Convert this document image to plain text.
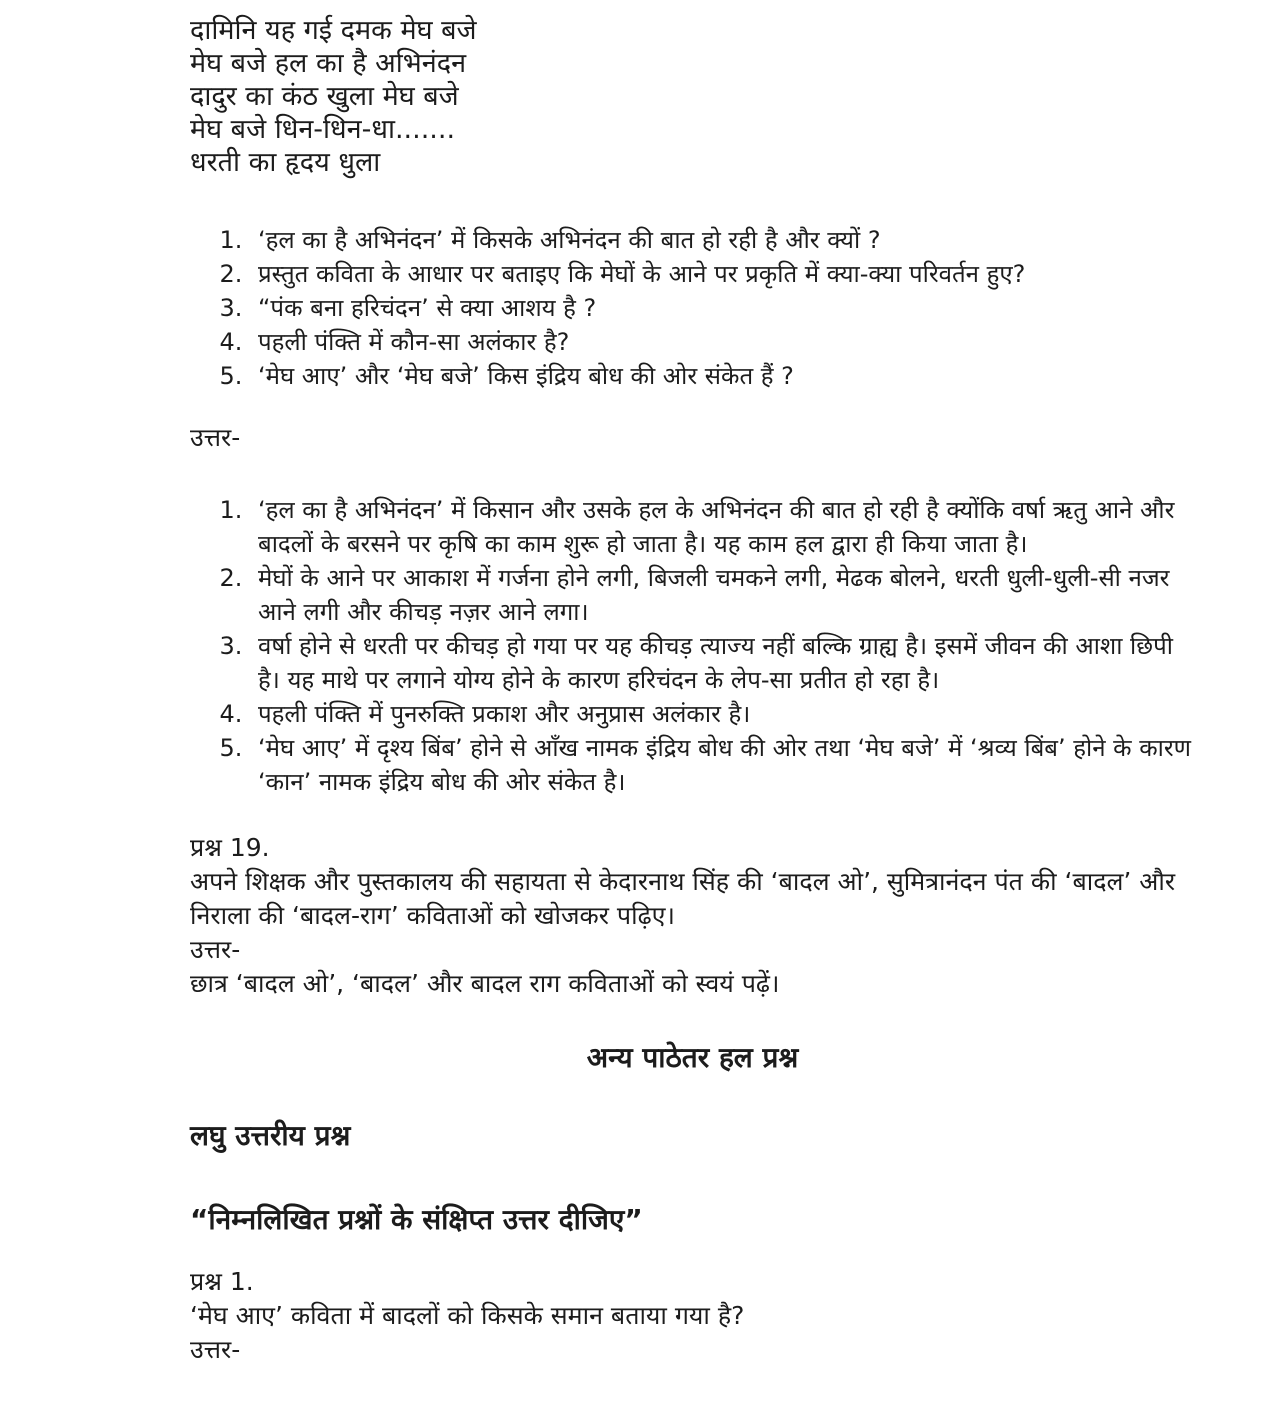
दामिनि यह गई दमक मेघ बजे
मेघ बजे हल का है अभिनंदन
दादुर का कंठ खुला मेघ बजे
मेघ बजे धिन-धिन-धा.......
धरती का हृदय धुला
1. ‘हल का है अभिनंदन’ में किसके अभिनंदन की बात हो रही है और क्यों ?
2. प्रस्तुत कविता के आधार पर बताइए कि मेघों के आने पर प्रकृति में क्या-क्या परिवर्तन हुए?
3. “पंक बना हरिचंदन’ से क्या आशय है ?
4. पहली पंक्ति में कौन-सा अलंकार है?
5. ‘मेघ आए’ और ‘मेघ बजे’ किस इंद्रिय बोध की ओर संकेत हैं ?

उत्तर-

1. ‘हल का है अभिनंदन’ में किसान और उसके हल के अभिनंदन की बात हो रही है क्योंकि वर्षा ऋतु आने और बादलों के बरसने पर कृषि का काम शुरू हो जाता है। यह काम हल द्वारा ही किया जाता है।
2. मेघों के आने पर आकाश में गर्जना होने लगी, बिजली चमकने लगी, मेढक बोलने, धरती धुली-धुली-सी नजर आने लगी और कीचड़ नज़र आने लगा।
3. वर्षा होने से धरती पर कीचड़ हो गया पर यह कीचड़ त्याज्य नहीं बल्कि ग्राह्य है। इसमें जीवन की आशा छिपी है। यह माथे पर लगाने योग्य होने के कारण हरिचंदन के लेप-सा प्रतीत हो रहा है।
4. पहली पंक्ति में पुनरुक्ति प्रकाश और अनुप्रास अलंकार है।
5. ‘मेघ आए’ में दृश्य बिंब’ होने से आँख नामक इंद्रिय बोध की ओर तथा ‘मेघ बजे’ में ‘श्रव्य बिंब’ होने के कारण ‘कान’ नामक इंद्रिय बोध की ओर संकेत है।

प्रश्न 19.

अपने शिक्षक और पुस्तकालय की सहायता से केदारनाथ सिंह की ‘बादल ओ’, सुमित्रानंदन पंत की ‘बादल’ और निराला की ‘बादल-राग’ कविताओं को खोजकर पढ़िए।

उत्तर-

छात्र ‘बादल ओ’, ‘बादल’ और बादल राग कविताओं को स्वयं पढ़ें।

अन्य पाठेतर हल प्रश्न
लघु उत्तरीय प्रश्न
“निम्नलिखित प्रश्नों के संक्षिप्त उत्तर दीजिए”

प्रश्न 1.

‘मेघ आए’ कविता में बादलों को किसके समान बताया गया है?

उत्तर-
